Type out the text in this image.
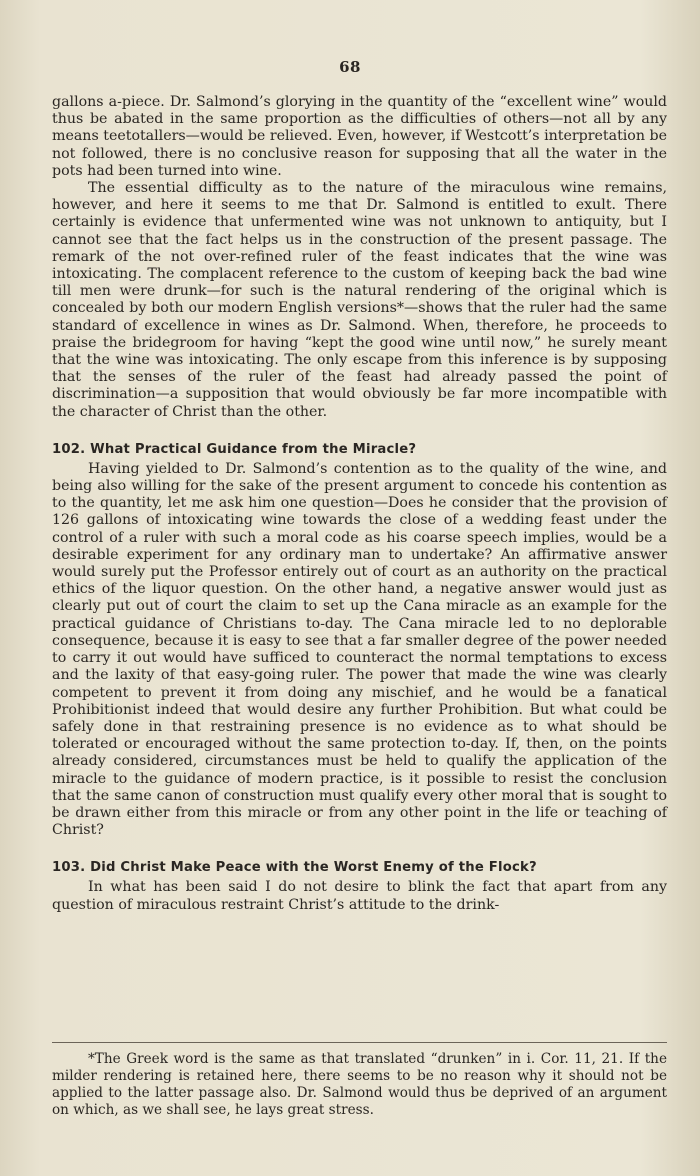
68

gallons a-piece. Dr. Salmond’s glorying in the quantity of the “excellent wine” would thus be abated in the same proportion as the difficulties of others—not all by any means teetotallers—would be relieved. Even, however, if Westcott’s interpretation be not followed, there is no conclusive reason for supposing that all the water in the pots had been turned into wine.

The essential difficulty as to the nature of the miraculous wine remains, however, and here it seems to me that Dr. Salmond is entitled to exult. There certainly is evidence that unfermented wine was not unknown to antiquity, but I cannot see that the fact helps us in the construction of the present passage. The remark of the not over-refined ruler of the feast indicates that the wine was intoxicating. The complacent reference to the custom of keeping back the bad wine till men were drunk—for such is the natural rendering of the original which is concealed by both our modern English versions*—shows that the ruler had the same standard of excellence in wines as Dr. Salmond. When, therefore, he proceeds to praise the bridegroom for having “kept the good wine until now,” he surely meant that the wine was intoxicating. The only escape from this inference is by supposing that the senses of the ruler of the feast had already passed the point of discrimination—a supposition that would obviously be far more incompatible with the character of Christ than the other.

102. What Practical Guidance from the Miracle?

Having yielded to Dr. Salmond’s contention as to the quality of the wine, and being also willing for the sake of the present argument to concede his contention as to the quantity, let me ask him one question—Does he consider that the provision of 126 gallons of intoxicating wine towards the close of a wedding feast under the control of a ruler with such a moral code as his coarse speech implies, would be a desirable experiment for any ordinary man to undertake? An affirmative answer would surely put the Professor entirely out of court as an authority on the practical ethics of the liquor question. On the other hand, a negative answer would just as clearly put out of court the claim to set up the Cana miracle as an example for the practical guidance of Christians to-day. The Cana miracle led to no deplorable consequence, because it is easy to see that a far smaller degree of the power needed to carry it out would have sufficed to counteract the normal temptations to excess and the laxity of that easy-going ruler. The power that made the wine was clearly competent to prevent it from doing any mischief, and he would be a fanatical Prohibitionist indeed that would desire any further Prohibition. But what could be safely done in that restraining presence is no evidence as to what should be tolerated or encouraged without the same protection to-day. If, then, on the points already considered, circumstances must be held to qualify the application of the miracle to the guidance of modern practice, is it possible to resist the conclusion that the same canon of construction must qualify every other moral that is sought to be drawn either from this miracle or from any other point in the life or teaching of Christ?

103. Did Christ Make Peace with the Worst Enemy of the Flock?

In what has been said I do not desire to blink the fact that apart from any question of miraculous restraint Christ’s attitude to the drink-

*The Greek word is the same as that translated “drunken” in i. Cor. 11, 21. If the milder rendering is retained here, there seems to be no reason why it should not be applied to the latter passage also. Dr. Salmond would thus be deprived of an argument on which, as we shall see, he lays great stress.
